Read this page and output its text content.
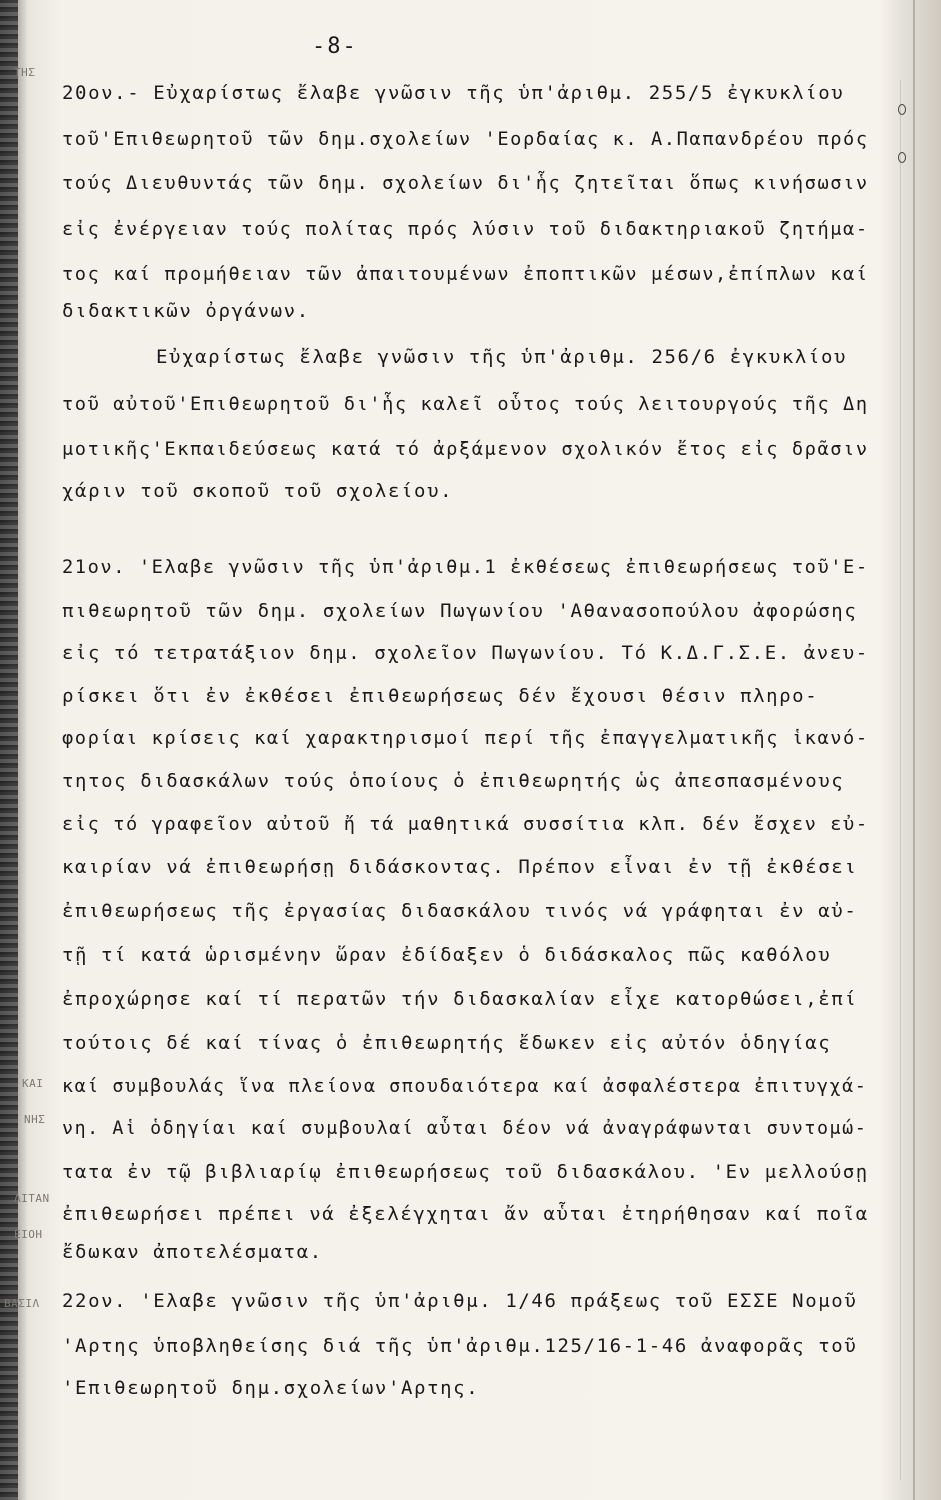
-8-
ΤΗΣ
ΚΑΙ
ΝΗΣ
ΛΙΤΑΝ
ΕΙΟΗ
ΒΑΣΙΛ
20ον.- Εὐχαρίστως ἔλαβε γνῶσιν τῆς ὑπ'ἀριθμ. 255/5 ἐγκυκλίου
τοῦ'Επιθεωρητοῦ τῶν δημ.σχολείων 'Εορδαίας κ. Α.Παπανδρέου πρός
τούς Διευθυντάς τῶν δημ. σχολείων δι'ἧς ζητεῖται ὅπως κινήσωσιν
εἰς ἐνέργειαν τούς πολίτας πρός λύσιν τοῦ διδακτηριακοῦ ζητήμα-
τος καί προμήθειαν τῶν ἀπαιτουμένων ἐποπτικῶν μέσων,ἐπίπλων καί
διδακτικῶν ὀργάνων.
Εὐχαρίστως ἔλαβε γνῶσιν τῆς ὑπ'ἀριθμ. 256/6 ἐγκυκλίου
τοῦ αὐτοῦ'Επιθεωρητοῦ δι'ἧς καλεῖ οὗτος τούς λειτουργούς τῆς Δη
μοτικῆς'Εκπαιδεύσεως κατά τό ἀρξάμενον σχολικόν ἔτος εἰς δρᾶσιν
χάριν τοῦ σκοποῦ τοῦ σχολείου.
21ον. 'Ελαβε γνῶσιν τῆς ὑπ'ἀριθμ.1 ἐκθέσεως ἐπιθεωρήσεως τοῦ'Ε-
πιθεωρητοῦ τῶν δημ. σχολείων Πωγωνίου 'Αθανασοπούλου ἀφορώσης
εἰς τό τετρατάξιον δημ. σχολεῖον Πωγωνίου. Τό Κ.Δ.Γ.Σ.Ε. ἀνευ-
ρίσκει ὅτι ἐν ἐκθέσει ἐπιθεωρήσεως δέν ἔχουσι θέσιν πληρο-
φορίαι κρίσεις καί χαρακτηρισμοί περί τῆς ἐπαγγελματικῆς ἱκανό-
τητος διδασκάλων τούς ὁποίους ὁ ἐπιθεωρητής ὡς ἀπεσπασμένους
εἰς τό γραφεῖον αὐτοῦ ἤ τά μαθητικά συσσίτια κλπ. δέν ἔσχεν εὐ-
καιρίαν νά ἐπιθεωρήσῃ διδάσκοντας. Πρέπον εἶναι ἐν τῇ ἐκθέσει
ἐπιθεωρήσεως τῆς ἐργασίας διδασκάλου τινός νά γράφηται ἐν αὐ-
τῇ τί κατά ὡρισμένην ὥραν ἐδίδαξεν ὁ διδάσκαλος πῶς καθόλου
ἐπροχώρησε καί τί περατῶν τήν διδασκαλίαν εἶχε κατορθώσει,ἐπί
τούτοις δέ καί τίνας ὁ ἐπιθεωρητής ἔδωκεν εἰς αὐτόν ὁδηγίας
καί συμβουλάς ἵνα πλείονα σπουδαιότερα καί ἀσφαλέστερα ἐπιτυγχά-
νη. Αἱ ὁδηγίαι καί συμβουλαί αὗται δέον νά ἀναγράφωνται συντομώ-
τατα ἐν τῷ βιβλιαρίῳ ἐπιθεωρήσεως τοῦ διδασκάλου. 'Εν μελλούσῃ
ἐπιθεωρήσει πρέπει νά ἐξελέγχηται ἄν αὗται ἐτηρήθησαν καί ποῖα
ἔδωκαν ἀποτελέσματα.
22ον. 'Ελαβε γνῶσιν τῆς ὑπ'ἀριθμ. 1/46 πράξεως τοῦ ΕΣΣΕ Νομοῦ
'Αρτης ὑποβληθείσης διά τῆς ὑπ'ἀριθμ.125/16-1-46 ἀναφορᾶς τοῦ
'Επιθεωρητοῦ δημ.σχολείων'Αρτης.
